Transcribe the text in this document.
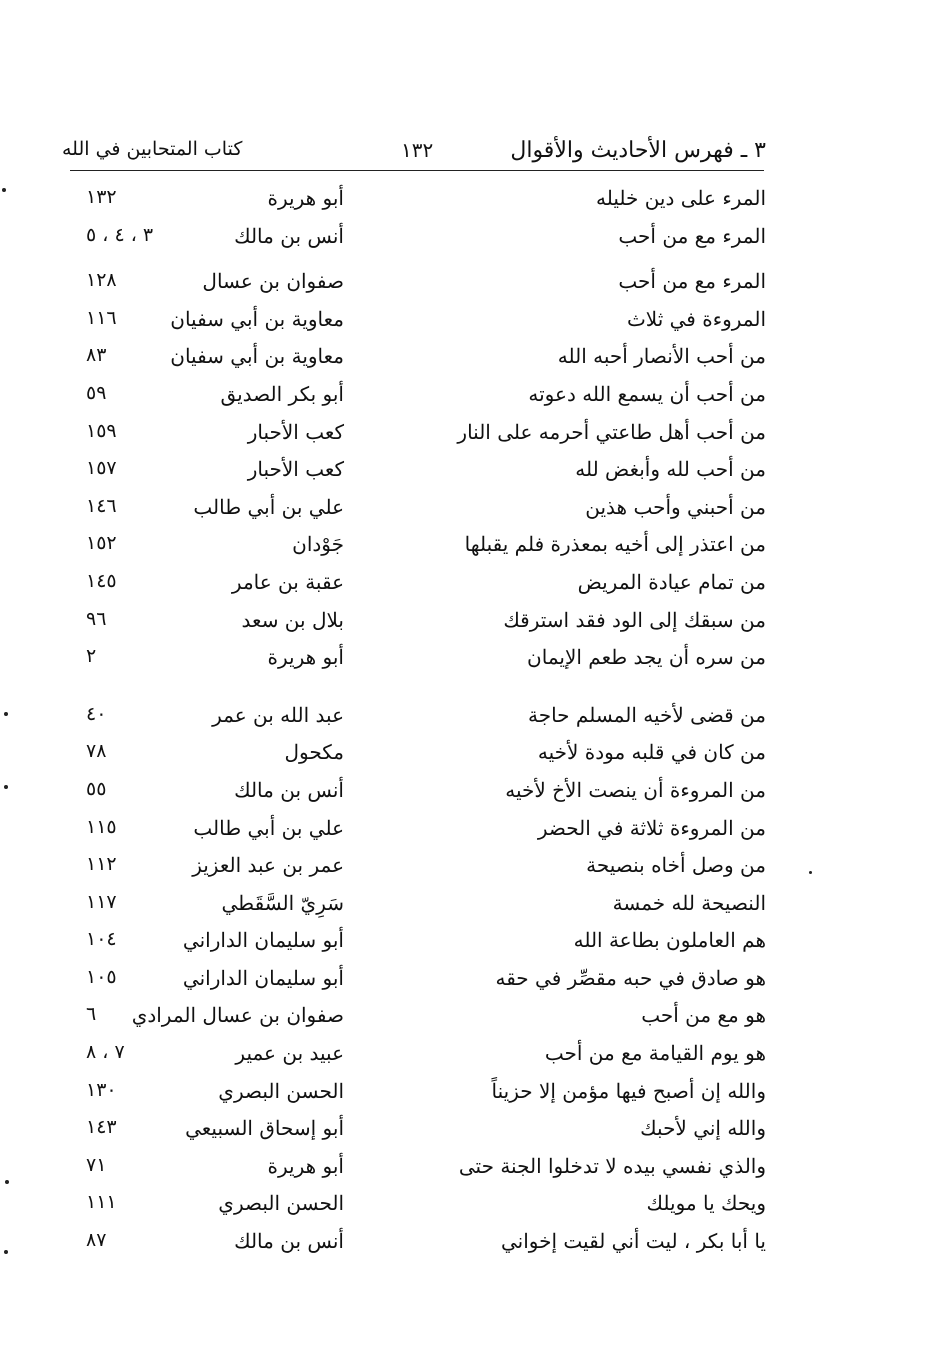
٣ ـ فهرس الأحاديث والأقوال
١٣٢
كتاب المتحابين في الله
المرء على دين خليله
أبو هريرة
١٣٢
المرء مع من أحب
أنس بن مالك
٣ ، ٤ ، ٥
المرء مع من أحب
صفوان بن عسال
١٢٨
المروءة في ثلاث
معاوية بن أبي سفيان
١١٦
من أحب الأنصار أحبه الله
معاوية بن أبي سفيان
٨٣
من أحب أن يسمع الله دعوته
أبو بكر الصديق
٥٩
من أحب أهل طاعتي أحرمه على النار
كعب الأحبار
١٥٩
من أحب لله وأبغض لله
كعب الأحبار
١٥٧
من أحبني وأحب هذين
علي بن أبي طالب
١٤٦
من اعتذر إلى أخيه بمعذرة فلم يقبلها
جَوْدان
١٥٢
من تمام عيادة المريض
عقبة بن عامر
١٤٥
من سبقك إلى الود فقد استرقك
بلال بن سعد
٩٦
من سره أن يجد طعم الإيمان
أبو هريرة
٢
من قضى لأخيه المسلم حاجة
عبد الله بن عمر
٤٠
من كان في قلبه مودة لأخيه
مكحول
٧٨
من المروءة أن ينصت الأخ لأخيه
أنس بن مالك
٥٥
من المروءة ثلاثة في الحضر
علي بن أبي طالب
١١٥
من وصل أخاه بنصيحة
عمر بن عبد العزيز
١١٢
النصيحة لله خمسة
سَرِيّ السَّقَطي
١١٧
هم العاملون بطاعة الله
أبو سليمان الداراني
١٠٤
هو صادق في حبه مقصِّر في حقه
أبو سليمان الداراني
١٠٥
هو مع من أحب
صفوان بن عسال المرادي
٦
هو يوم القيامة مع من أحب
عبيد بن عمير
٧ ، ٨
والله إن أصبح فيها مؤمن إلا حزيناً
الحسن البصري
١٣٠
والله إني لأحبك
أبو إسحاق السبيعي
١٤٣
والذي نفسي بيده لا تدخلوا الجنة حتى
أبو هريرة
٧١
ويحك يا مويلك
الحسن البصري
١١١
يا أبا بكر ، ليت أني لقيت إخواني
أنس بن مالك
٨٧
